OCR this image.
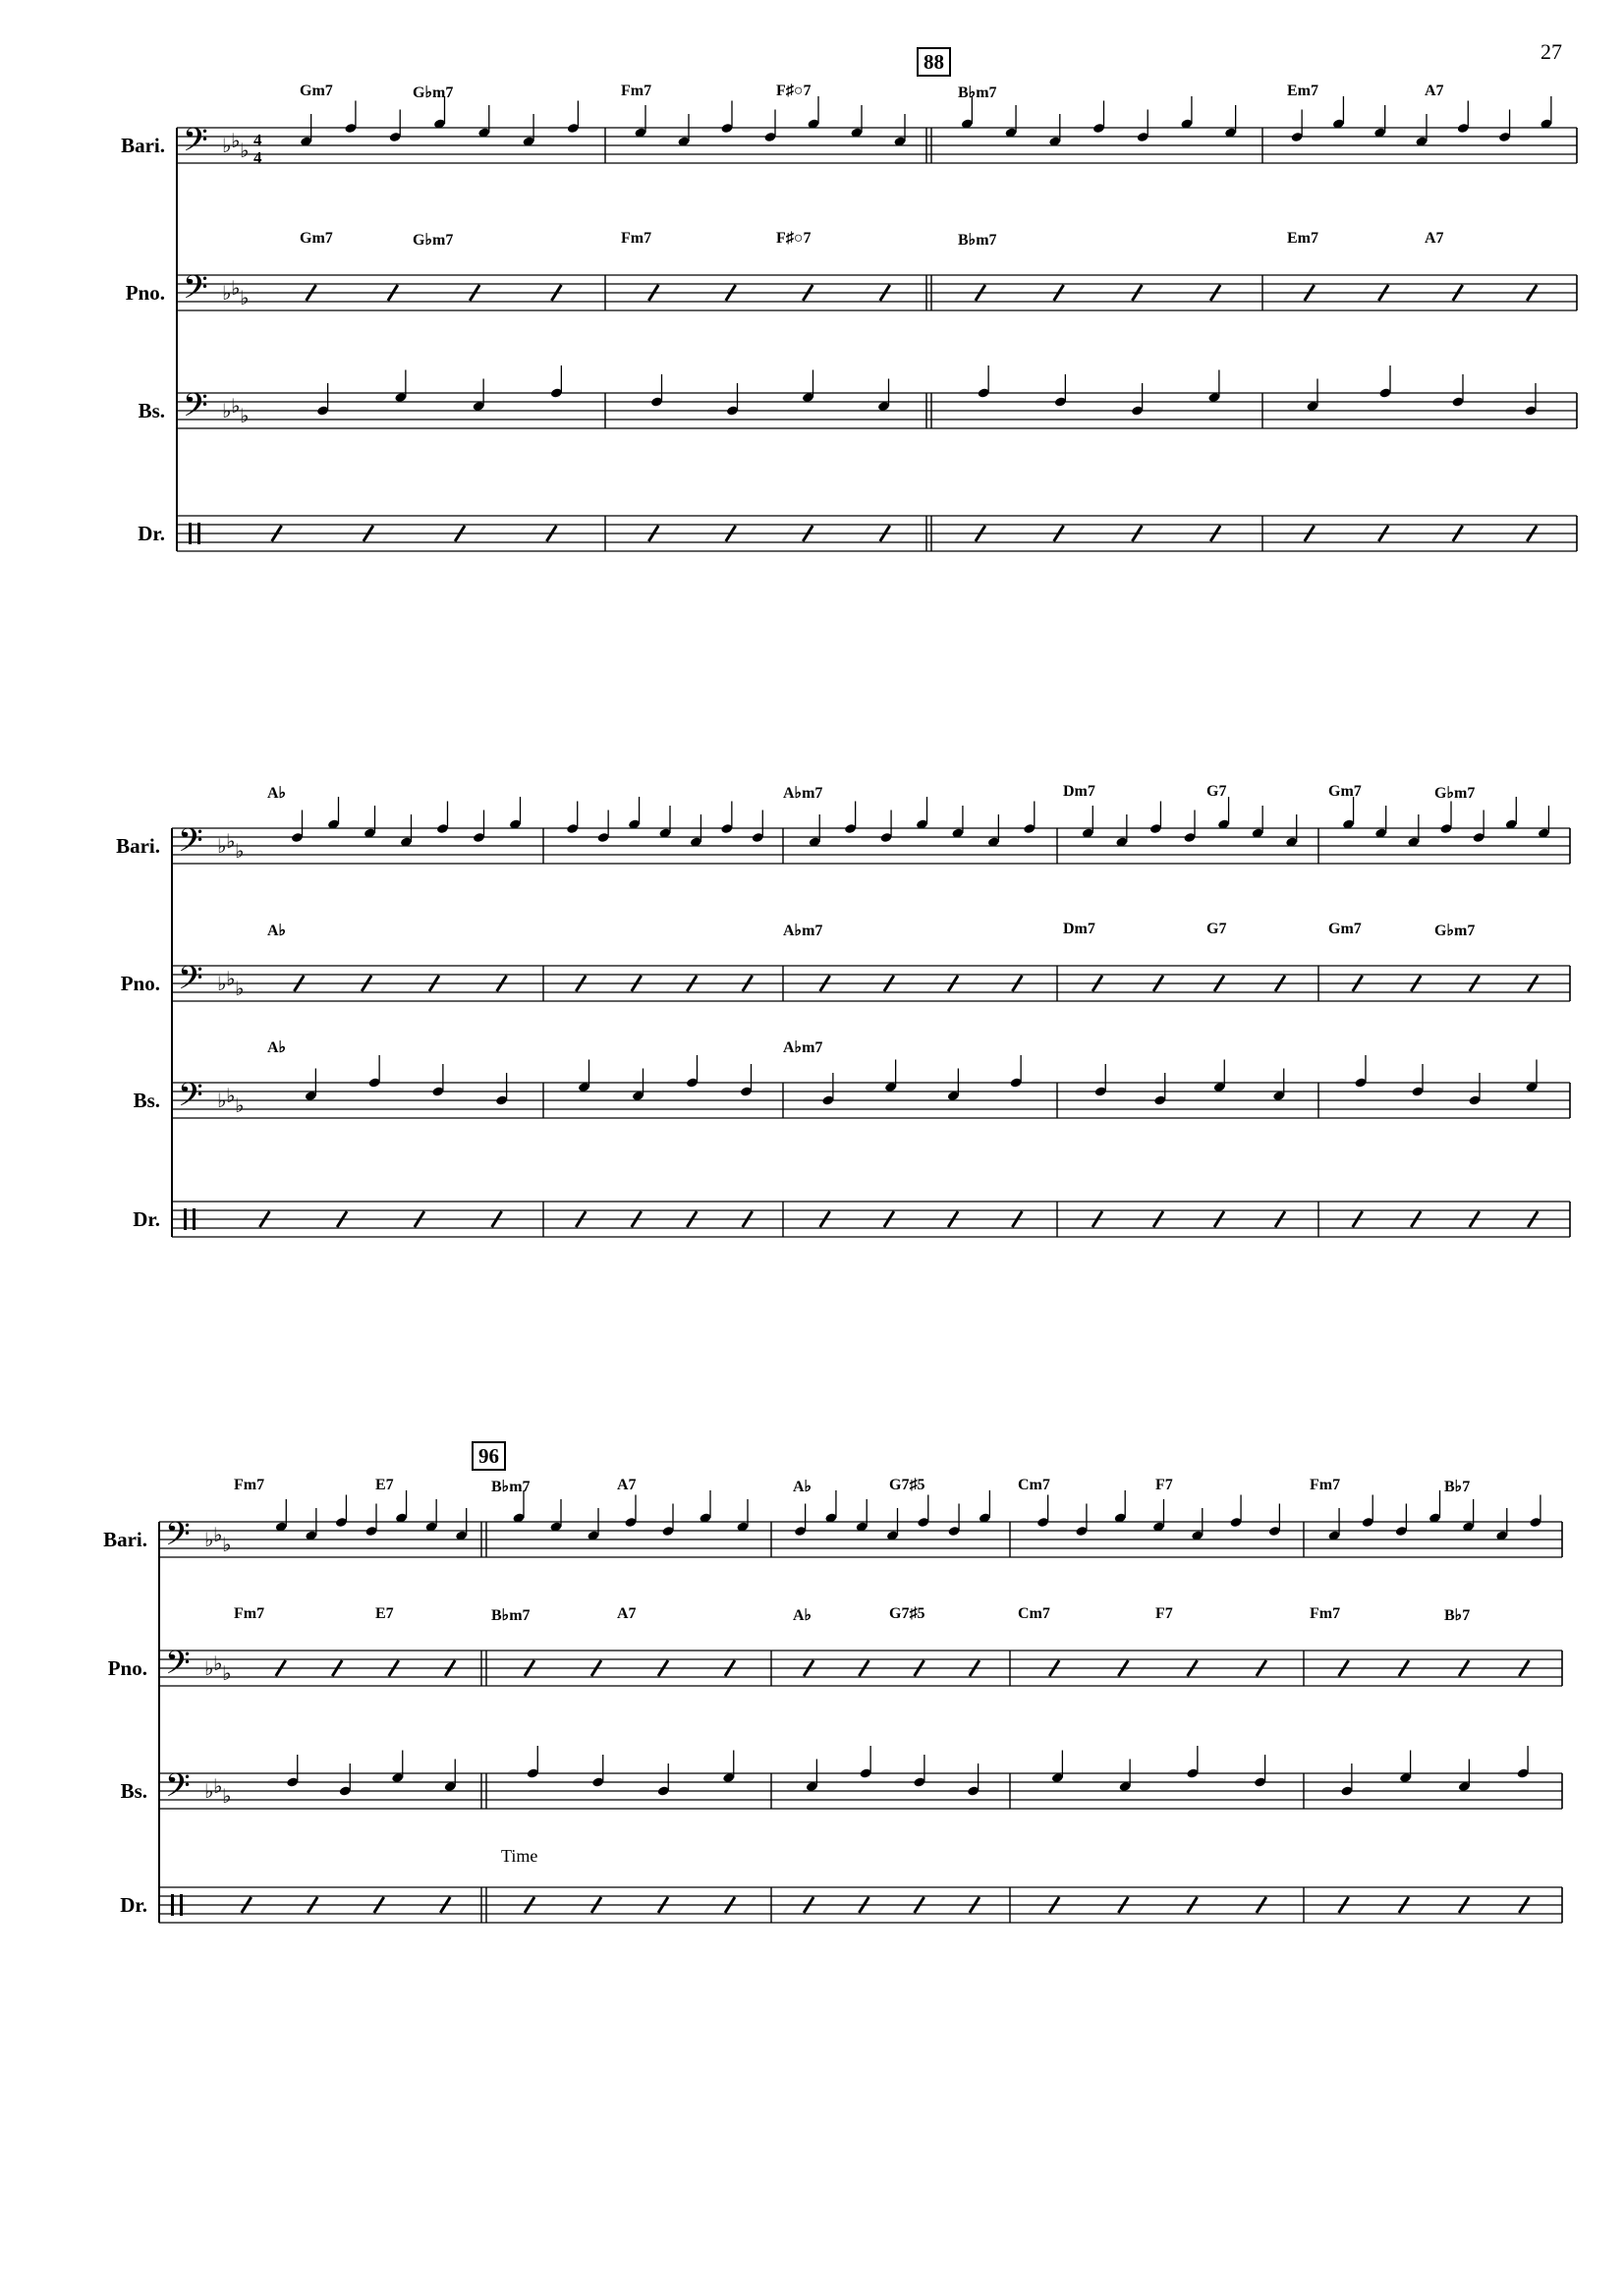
27
𝄢 ♭ ♭ ♭ 4
4
𝄢 ♭ ♭ ♭
𝄢 ♭ ♭ ♭
𝄢 ♭ ♭ ♭
𝄢 ♭ ♭ ♭
𝄢 ♭ ♭ ♭
𝄢 ♭ ♭ ♭
𝄢 ♭ ♭ ♭
𝄢 ♭ ♭ ♭
Bari.
Gm7	G♭m7	Fm7	F♯○7	B♭m7	Em7	A7
Pno.
Gm7	G♭m7	Fm7	F♯○7	B♭m7	Em7	A7
Bs.
Dr.
88
Bari.
A♭	A♭m7	Dm7	G7	Gm7	G♭m7
Pno.
A♭	A♭m7	Dm7	G7	Gm7	G♭m7
Bs.
A♭	A♭m7
Dr.
Bari.
Fm7	E7	B♭m7	A7	A♭	G7♯5	Cm7	F7	Fm7	B♭7
Pno.
Fm7	E7	B♭m7	A7	A♭	G7♯5	Cm7	F7	Fm7	B♭7
Bs.
Dr.
Time
96
